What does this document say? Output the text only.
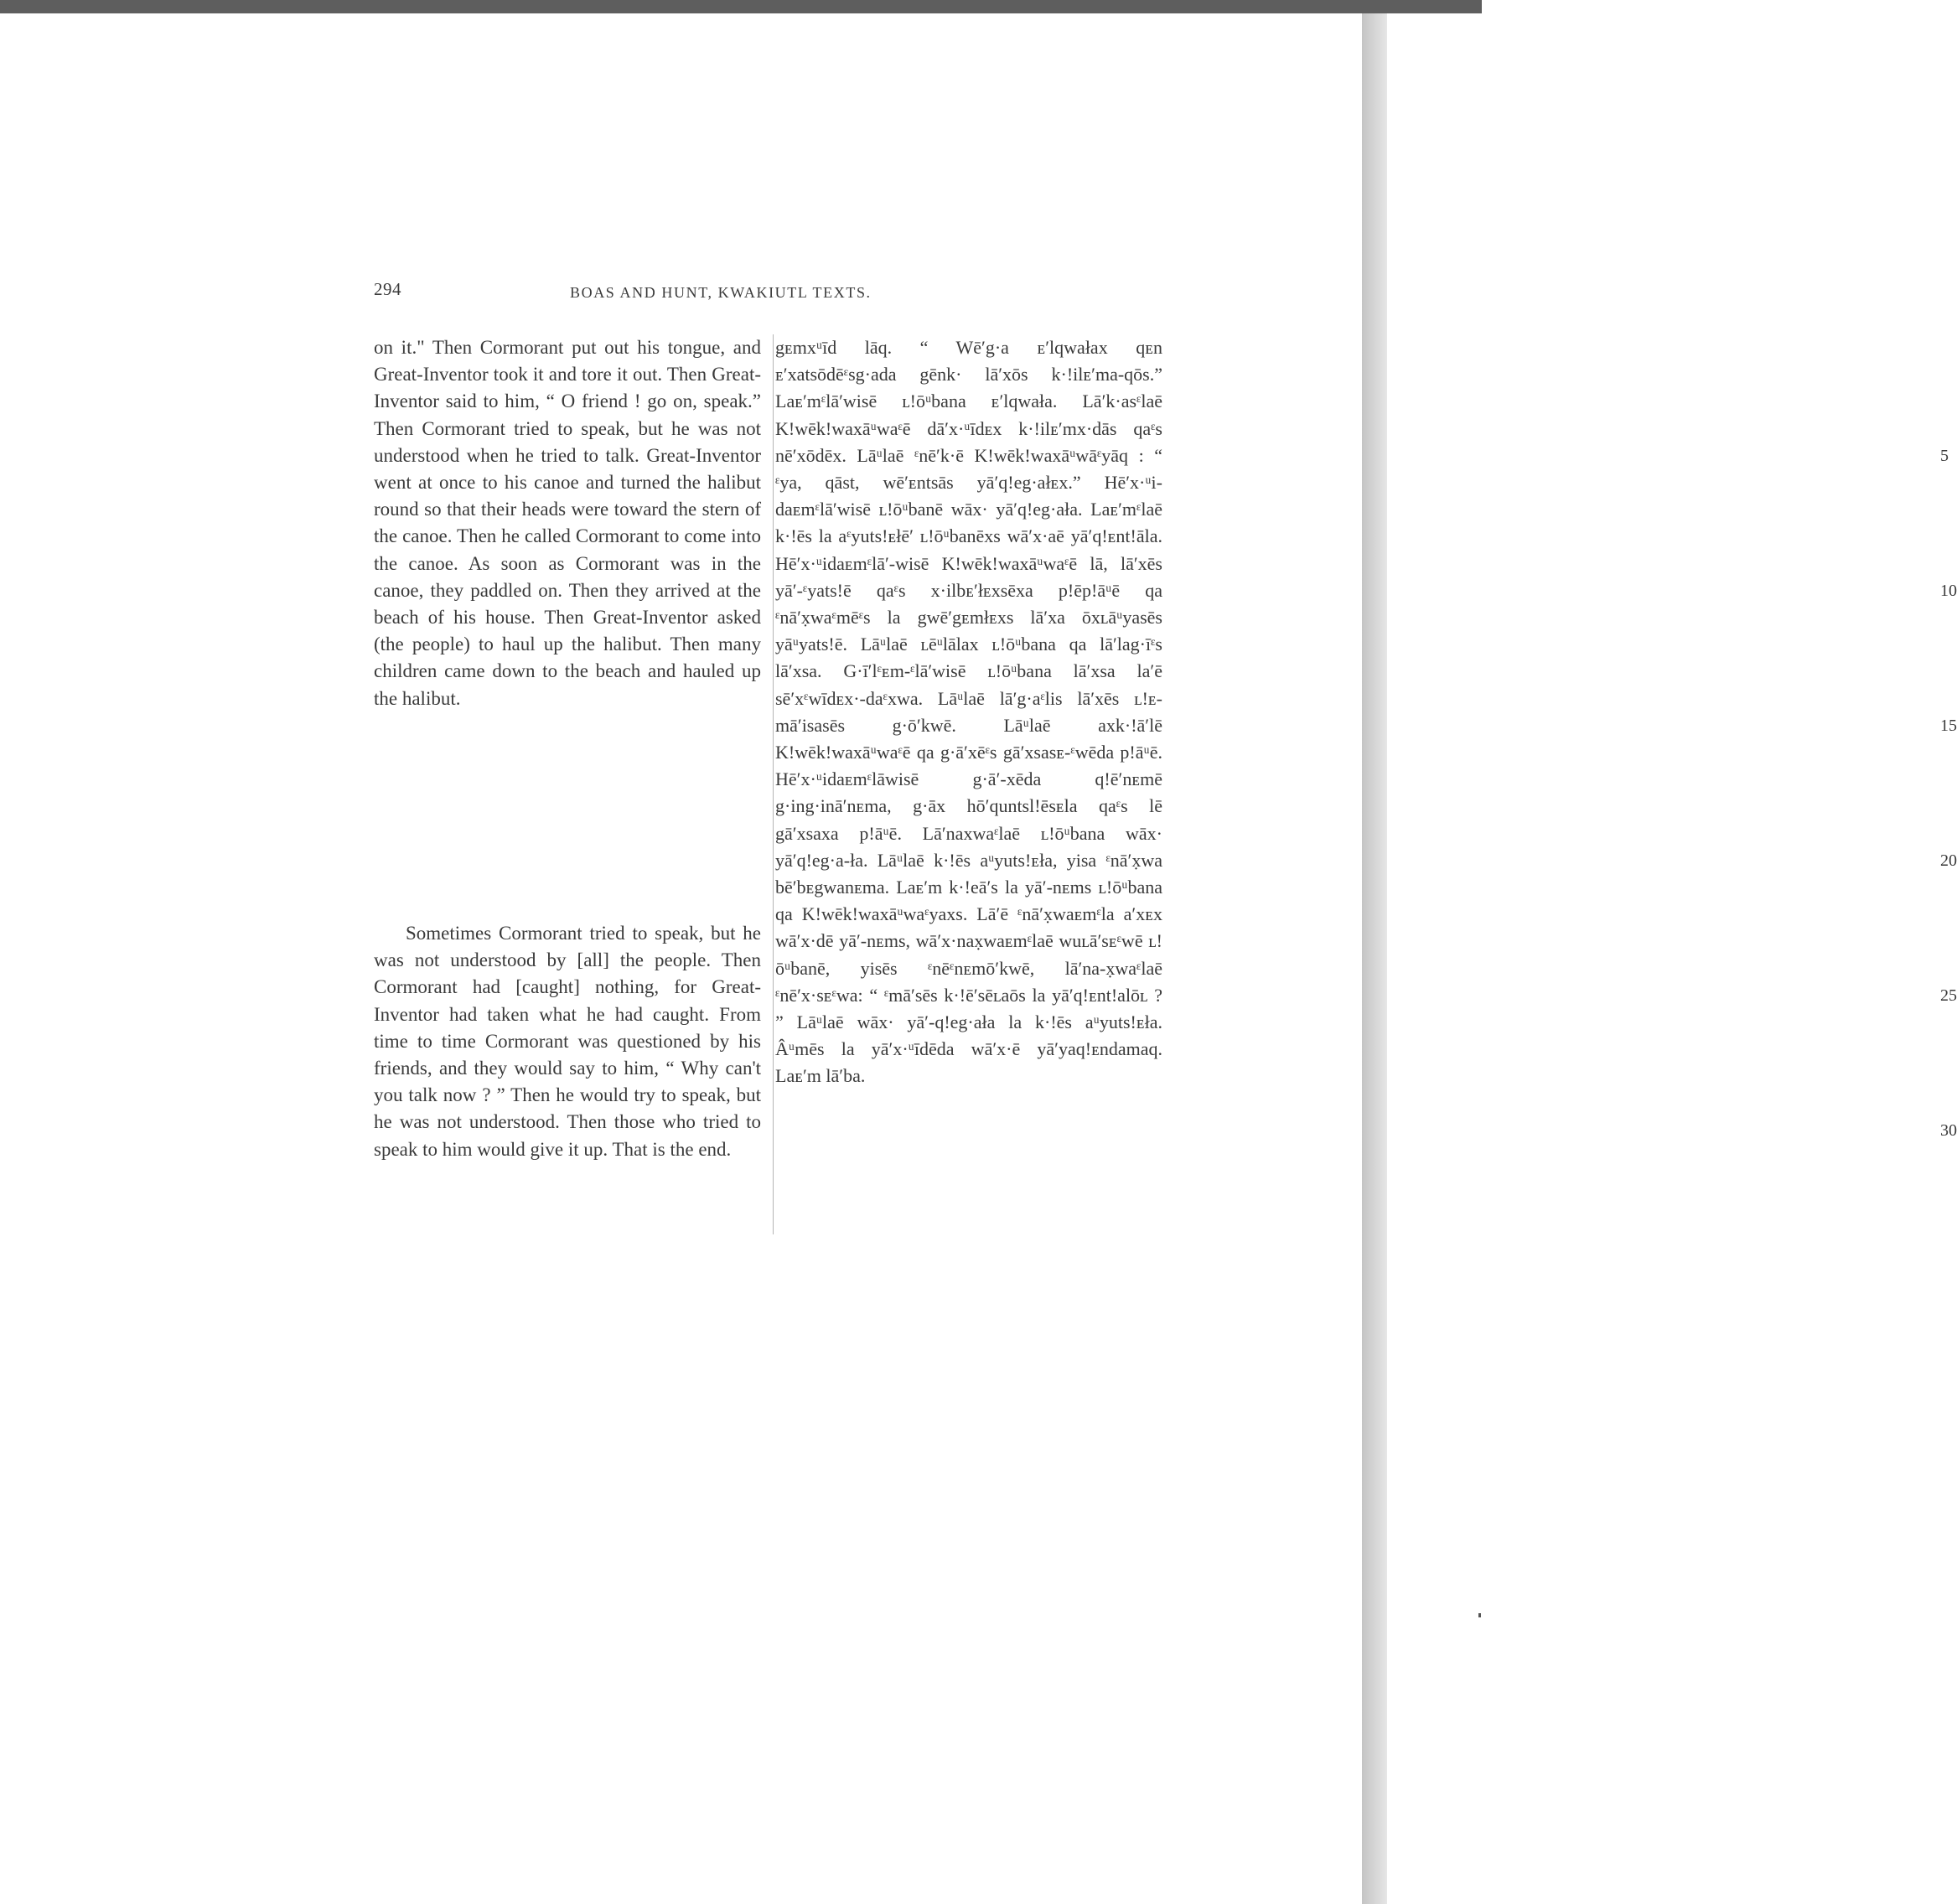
294	BOAS AND HUNT, KWAKIUTL TEXTS.

on it." Then Cormorant put out his tongue, and Great-Inventor took it and tore it out. Then Great-Inventor said to him, “ O friend ! go on, speak.” Then Cormorant tried to speak, but he was not understood when he tried to talk. Great-Inventor went at once to his canoe and turned the halibut round so that their heads were toward the stern of the canoe. Then he called Cormorant to come into the canoe. As soon as Cormorant was in the canoe, they paddled on. Then they arrived at the beach of his house. Then Great-Inventor asked (the people) to haul up the halibut. Then many children came down to the beach and hauled up the halibut.

Sometimes Cormorant tried to speak, but he was not understood by [all] the people. Then Cormorant had [caught] nothing, for Great-Inventor had taken what he had caught. From time to time Cormorant was questioned by his friends, and they would say to him, “ Why can't you talk now ? ” Then he would try to speak, but he was not understood. Then those who tried to speak to him would give it up. That is the end.

gᴇmxᵘīd lāq. “ Wē′g·a ᴇ′lqwałax qᴇn ᴇ′xatsōdēᵋsg·ada gēnk· lā′xōs k·!ilᴇ′ma-qōs.” Laᴇ′mᵋlā′wisē ʟ!ōᵘbana ᴇ′lqwała. Lā′k·asᵋlaē K!wēk!waxāᵘwaᵋē dā′x·ᵘīdᴇx k·!ilᴇ′mx·dās qaᵋs nē′xōdēx. Lāᵘlaē ᵋnē′k·ē K!wēk!waxāᵘwāᵋyāq : “ ᵋya, qāst, wē′ᴇntsās yā′q!eg·ałᴇx.” Hē′x·ᵘi-daᴇmᵋlā′wisē ʟ!ōᵘbanē wāx· yā′q!eg·ała. Laᴇ′mᵋlaē k·!ēs la aᵋyuts!ᴇłē′ ʟ!ōᵘbanēxs wā′x·aē yā′q!ᴇnt!āla. Hē′x·ᵘidaᴇmᵋlā′-wisē K!wēk!waxāᵘwaᵋē lā, lā′xēs yā′-ᵋyats!ē qaᵋs x·ilbᴇ′łᴇxsēxa p!ēp!āᵘē qa ᵋnā′x̣waᵋmēᵋs la gwē′gᴇmłᴇxs lā′xa ōxʟāᵘyasēs yāᵘyats!ē. Lāᵘlaē ʟēᵘlālax ʟ!ōᵘbana qa lā′lag·īᵋs lā′xsa. G·ī′lᵋᴇm-ᵋlā′wisē ʟ!ōᵘbana lā′xsa la′ē sē′xᵋwīdᴇx·-daᵋxwa. Lāᵘlaē lā′g·aᵋlis lā′xēs ʟ!ᴇ-mā′isasēs g·ō′kwē. Lāᵘlaē axk·!ā′lē K!wēk!waxāᵘwaᵋē qa g·ā′xēᵋs gā′xsasᴇ-ᵋwēda p!āᵘē. Hē′x·ᵘidaᴇmᵋlāwisē g·ā′-xēda q!ē′nᴇmē g·ing·inā′nᴇma, g·āx hō′quntsl!ēsᴇla qaᵋs lē gā′xsaxa p!āᵘē. Lā′naxwaᵋlaē ʟ!ōᵘbana wāx· yā′q!eg·a-ła. Lāᵘlaē k·!ēs aᵘyuts!ᴇła, yisa ᵋnā′x̣wa bē′bᴇgwanᴇma. Laᴇ′m k·!eā′s la yā′-nᴇms ʟ!ōᵘbana qa K!wēk!waxāᵘwaᵋyaxs. Lā′ē ᵋnā′x̣waᴇmᵋla a′xᴇx wā′x·dē yā′-nᴇms, wā′x·nax̣waᴇmᵋlaē wuʟā′sᴇᵋwē ʟ!ōᵘbanē, yisēs ᵋnēᵋnᴇmō′kwē, lā′na-x̣waᵋlaē ᵋnē′x·sᴇᵋwa: “ ᵋmā′sēs k·!ē′sēʟaōs la yā′q!ᴇnt!alōʟ ? ” Lāᵘlaē wāx· yā′-q!eg·ała la k·!ēs aᵘyuts!ᴇła. Âᵘmēs la yā′x·ᵘīdēda wā′x·ē yā′yaq!ᴇndamaq. Laᴇ′m lā′ba.

5
10
15
20
25
30
